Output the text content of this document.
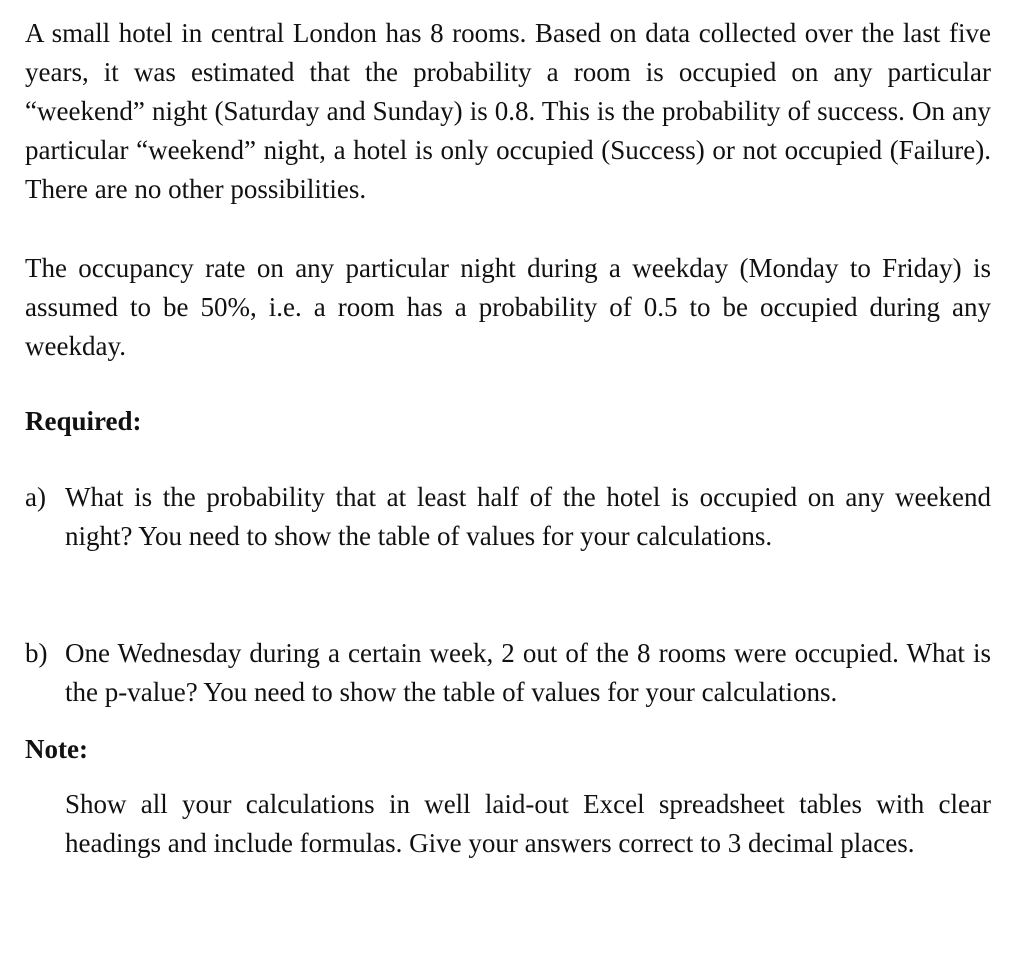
A small hotel in central London has 8 rooms. Based on data collected over the last five years, it was estimated that the probability a room is occupied on any particular “weekend” night (Saturday and Sunday) is 0.8. This is the probability of success. On any particular “weekend” night, a hotel is only occupied (Success) or not occupied (Failure). There are no other possibilities.

The occupancy rate on any particular night during a weekday (Monday to Friday) is assumed to be 50%, i.e. a room has a probability of 0.5 to be occupied during any weekday.

Required:

a) What is the probability that at least half of the hotel is occupied on any weekend night? You need to show the table of values for your calculations.

b) One Wednesday during a certain week, 2 out of the 8 rooms were occupied. What is the p-value? You need to show the table of values for your calculations.

Note:

Show all your calculations in well laid-out Excel spreadsheet tables with clear headings and include formulas. Give your answers correct to 3 decimal places.
